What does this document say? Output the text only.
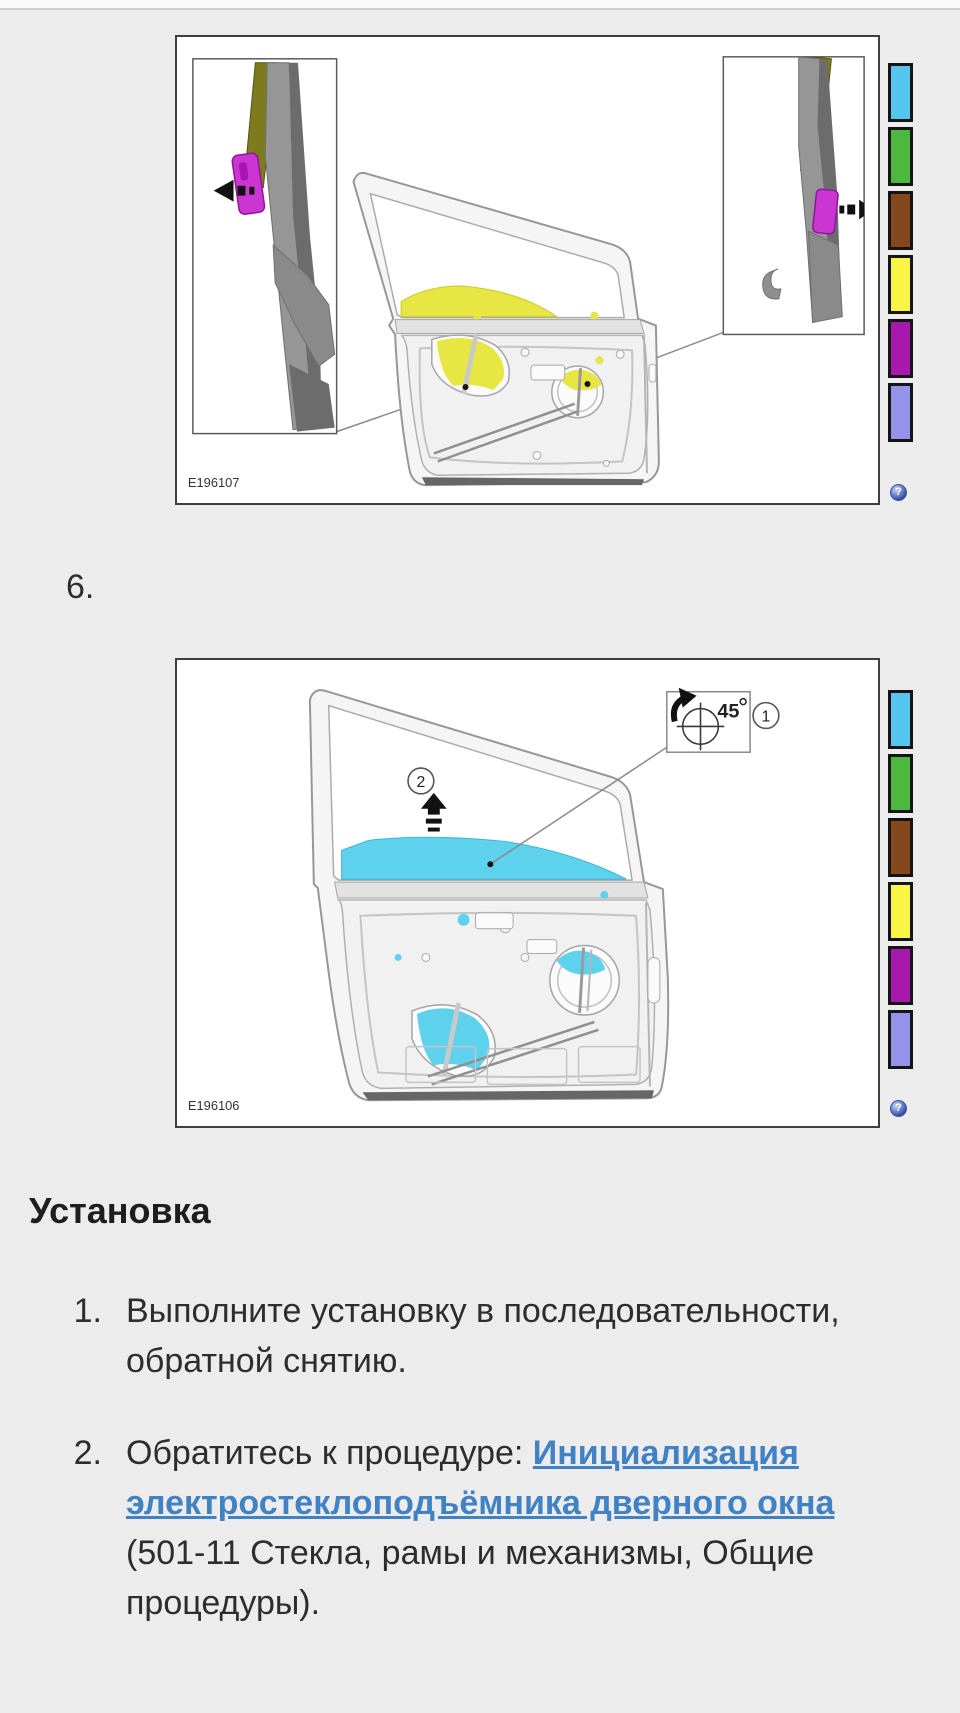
E196107
?
6.
45 1
2
E196106	?
Установка
1. Выполните установку в последовательности, обратной снятию.
2. Обратитесь к процедуре: Инициализация электростеклоподъёмника дверного окна (501-11 Стекла, рамы и механизмы, Общие процедуры).
